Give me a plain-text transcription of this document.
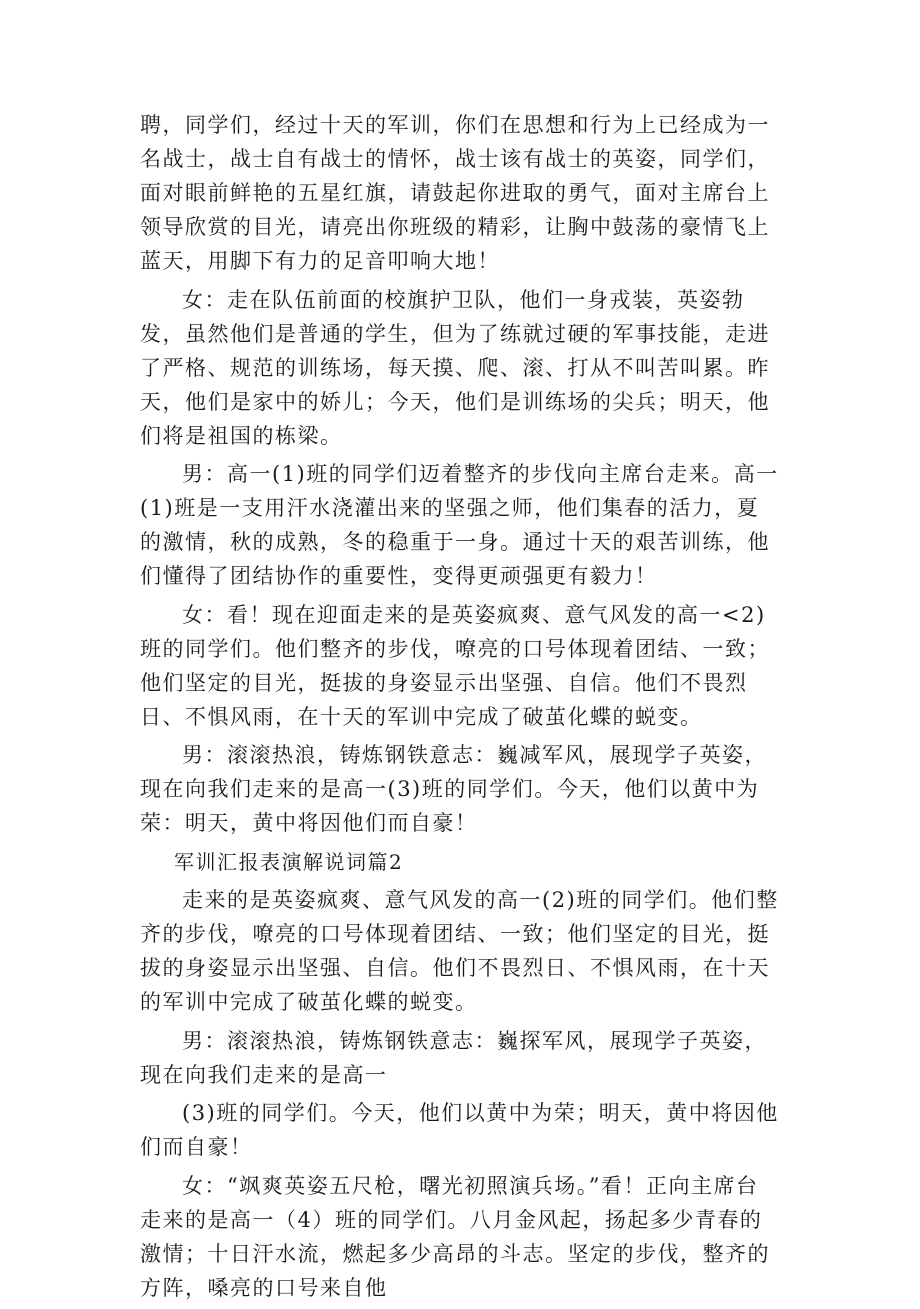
聘，同学们，经过十天的军训，你们在思想和行为上已经成为一名战士，战士自有战士的情怀，战士该有战士的英姿，同学们，面对眼前鲜艳的五星红旗，请鼓起你进取的勇气，面对主席台上领导欣赏的目光，请亮出你班级的精彩，让胸中鼓荡的豪情飞上蓝天，用脚下有力的足音叩响大地！

女：走在队伍前面的校旗护卫队，他们一身戎装，英姿勃发，虽然他们是普通的学生，但为了练就过硬的军事技能，走进了严格、规范的训练场，每天摸、爬、滚、打从不叫苦叫累。昨天，他们是家中的娇儿；今天，他们是训练场的尖兵；明天，他们将是祖国的栋梁。

男：高一(1)班的同学们迈着整齐的步伐向主席台走来。高一(1)班是一支用汗水浇灌出来的坚强之师，他们集春的活力，夏的激情，秋的成熟，冬的稳重于一身。通过十天的艰苦训练，他们懂得了团结协作的重要性，变得更顽强更有毅力！

女：看！现在迎面走来的是英姿疯爽、意气风发的高一<2)班的同学们。他们整齐的步伐，嘹亮的口号体现着团结、一致；他们坚定的目光，挺拔的身姿显示出坚强、自信。他们不畏烈日、不惧风雨，在十天的军训中完成了破茧化蝶的蜕变。

男：滚滚热浪，铸炼钢铁意志：巍减军风，展现学子英姿，现在向我们走来的是高一(3)班的同学们。今天，他们以黄中为荣：明天，黄中将因他们而自豪！

军训汇报表演解说词篇2

走来的是英姿疯爽、意气风发的高一(2)班的同学们。他们整齐的步伐，嘹亮的口号体现着团结、一致；他们坚定的目光，挺拔的身姿显示出坚强、自信。他们不畏烈日、不惧风雨，在十天的军训中完成了破茧化蝶的蜕变。

男：滚滚热浪，铸炼钢铁意志：巍探军风，展现学子英姿，现在向我们走来的是高一

(3)班的同学们。今天，他们以黄中为荣；明天，黄中将因他们而自豪！

女：“飒爽英姿五尺枪，曙光初照演兵场。”看！正向主席台走来的是高一（4）班的同学们。八月金风起，扬起多少青春的激情；十日汗水流，燃起多少高昂的斗志。坚定的步伐，整齐的方阵，嗓亮的口号来自他
